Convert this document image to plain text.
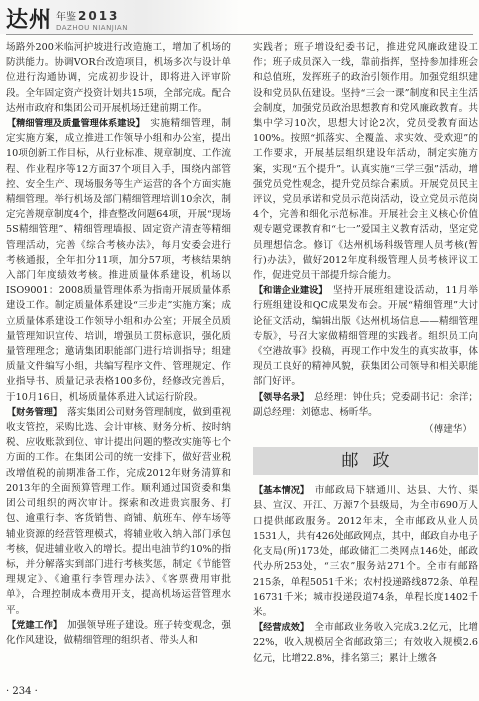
达州 年鉴 2013
DAZHOU NIANJIAN

场路外200米临河护坡进行改造施工，增加了机场的防洪能力。协调VOR台改造项目，机场多次与设计单位进行沟通协调，完成初步设计，即将进入评审阶段。全年固定资产投资计划共15项，全部完成。配合达州市政府和集团公司开展机场迁建前期工作。

【精细管理及质量管理体系建设】 实施精细管理，制定实施方案，成立推进工作领导小组和办公室，提出10项创新工作目标，从行业标准、规章制度、工作流程、作业程序等12方面37个项目入手，围绕内部管控、安全生产、现场服务等生产运营的各个方面实施精细管理。举行机场及部门精细管理培训10余次，制定完善规章制度4个，排查整改问题64项，开展“现场5S精细管理”、精细管理墙报、固定资产清查等精细管理活动，完善《综合考核办法》，每月安委会进行考核通报，全年扣分11项，加分57项，考核结果纳入部门年度绩效考核。推进质量体系建设，机场以ISO9001：2008质量管理体系为指南开展质量体系建设工作。制定质量体系建设“三步走”实施方案；成立质量体系建设工作领导小组和办公室；开展全员质量管理知识宣传、培训，增强员工贯标意识，强化质量管理理念；邀请集团职能部门进行培训指导；组建质量文件编写小组，共编写程序文件、管理规定、作业指导书、质量记录表格100多份，经修改完善后，于10月16日，机场质量体系进入试运行阶段。

【财务管理】 落实集团公司财务管理制度，做到重视收支管控，采购比选、会计审核、财务分析、按时纳税、应收账款到位、审计提出问题的整改实施等七个方面的工作。在集团公司的统一安排下，做好营业税改增值税的前期准备工作，完成2012年财务清算和2013年的全面预算管理工作。顺利通过国资委和集团公司组织的两次审计。探索和改进贵宾服务、打包、逾重行李、客货销售、商铺、航班车、停车场等辅业资源的经营管理模式，将辅业收入纳入部门承包考核，促进辅业收入的增长。提出电油节约10%的指标，并分解落实到部门进行考核奖惩，制定《节能管理规定》、《逾重行李管理办法》、《客票费用审批单》，合理控制成本费用开支，提高机场运营管理水平。

【党建工作】 加强领导班子建设。班子转变观念，强化作风建设，做精细管理的组织者、带头人和

实践者；班子增设纪委书记，推进党风廉政建设工作；班子成员深入一线，靠前指挥，坚持参加排班会和总值班，发挥班子的政治引领作用。加强党组织建设和党员队伍建设。坚持“三会一课”制度和民主生活会制度，加强党员政治思想教育和党风廉政教育。共集中学习10次，思想大讨论2次，党员受教育面达100%。按照“抓落实、全覆盖、求实效、受欢迎”的工作要求，开展基层组织建设年活动，制定实施方案，实现“五个提升”。认真实施“三学三强”活动，增强党员党性观念，提升党员综合素质。开展党员民主评议，党员承诺和党员示范岗活动，设立党员示范岗4个，完善和细化示范标准。开展社会主义核心价值观专题党课教育和“七一”爱国主义教育活动，坚定党员理想信念。修订《达州机场科级管理人员考核(暂行)办法》，做好2012年度科级管理人员考核评议工作，促进党员干部提升综合能力。

【和谐企业建设】 坚持开展班组建设活动，11月举行班组建设和QC成果发布会。开展“精细管理”大讨论征文活动，编辑出版《达州机场信息——精细管理专版》，号召大家做精细管理的实践者。组织员工向《空港故事》投稿，再现工作中发生的真实故事，体现员工良好的精神风貌，获集团公司领导和相关职能部门好评。

【领导名录】 总经理：钟仕兵；党委副书记：余洋；副总经理：刘德忠、杨昕华。

（傅建华）

邮政

【基本情况】 市邮政局下辖通川、达县、大竹、渠县、宣汉、开江、万源7个县级局，为全市690万人口提供邮政服务。2012年末，全市邮政从业人员1531人，共有426处邮政网点，其中，邮政自办电子化支局(所)173处，邮政储汇二类网点146处，邮政代办所253处，“三农”服务站271个。全市有邮路215条，单程5051千米；农村投递路线872条、单程16731千米；城市投递段道74条，单程长度1402千米。

【经营成效】 全市邮政业务收入完成3.2亿元，比增22%，收入规模居全省邮政第三；有效收入规模2.6亿元，比增22.8%，排名第三；累计上缴各

· 234 ·
